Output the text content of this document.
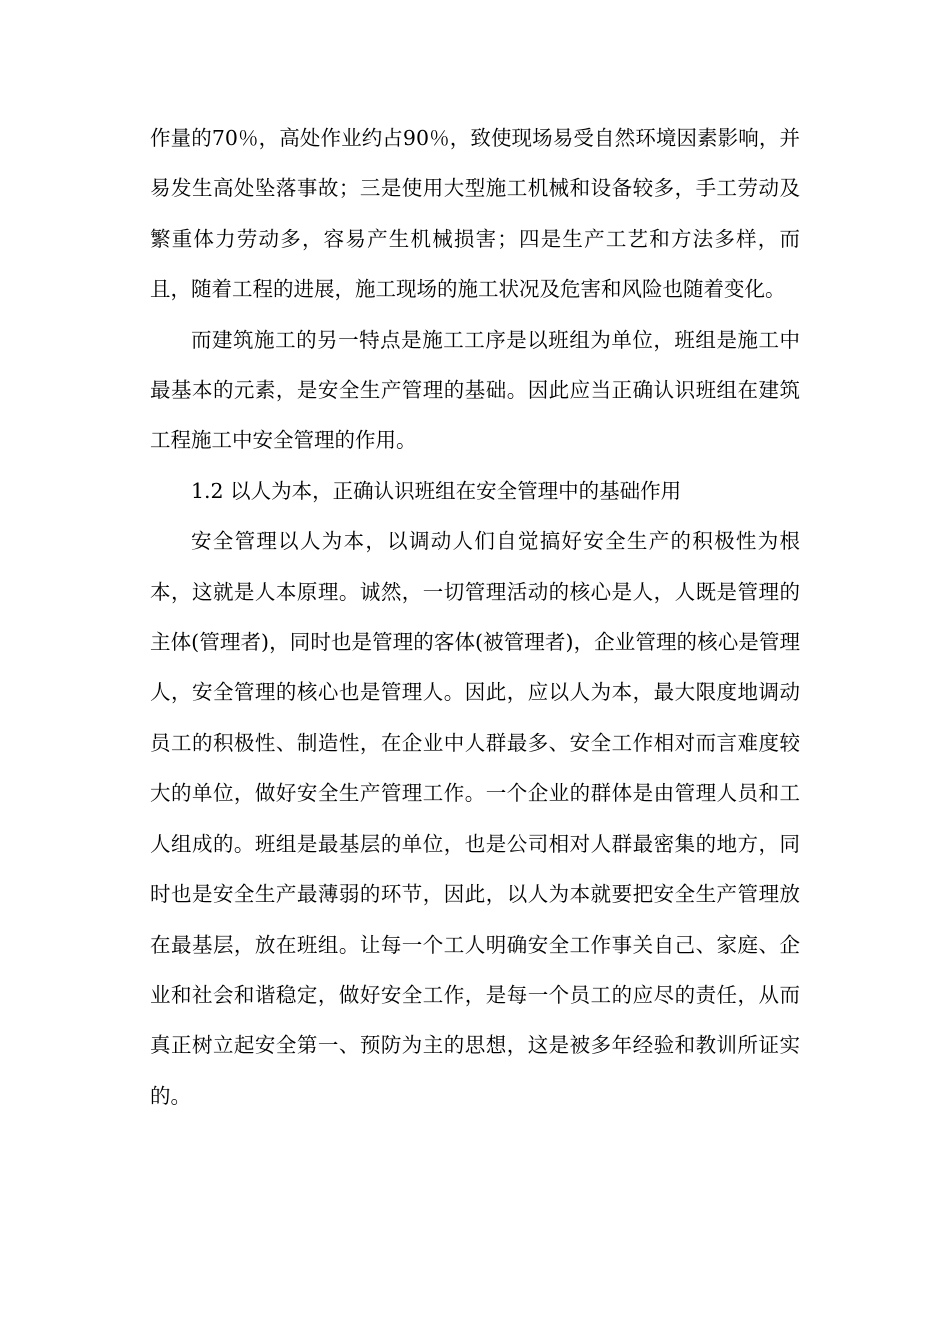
作量的70％，高处作业约占90％，致使现场易受自然环境因素影响，并易发生高处坠落事故；三是使用大型施工机械和设备较多，手工劳动及繁重体力劳动多，容易产生机械损害；四是生产工艺和方法多样，而且，随着工程的进展，施工现场的施工状况及危害和风险也随着变化。

而建筑施工的另一特点是施工工序是以班组为单位，班组是施工中最基本的元素，是安全生产管理的基础。因此应当正确认识班组在建筑工程施工中安全管理的作用。

1.2 以人为本，正确认识班组在安全管理中的基础作用

安全管理以人为本，以调动人们自觉搞好安全生产的积极性为根本，这就是人本原理。诚然，一切管理活动的核心是人，人既是管理的主体(管理者)，同时也是管理的客体(被管理者)，企业管理的核心是管理人，安全管理的核心也是管理人。因此，应以人为本，最大限度地调动员工的积极性、制造性，在企业中人群最多、安全工作相对而言难度较大的单位，做好安全生产管理工作。一个企业的群体是由管理人员和工人组成的。班组是最基层的单位，也是公司相对人群最密集的地方，同时也是安全生产最薄弱的环节，因此，以人为本就要把安全生产管理放在最基层，放在班组。让每一个工人明确安全工作事关自己、家庭、企业和社会和谐稳定，做好安全工作，是每一个员工的应尽的责任，从而真正树立起安全第一、预防为主的思想，这是被多年经验和教训所证实的。
